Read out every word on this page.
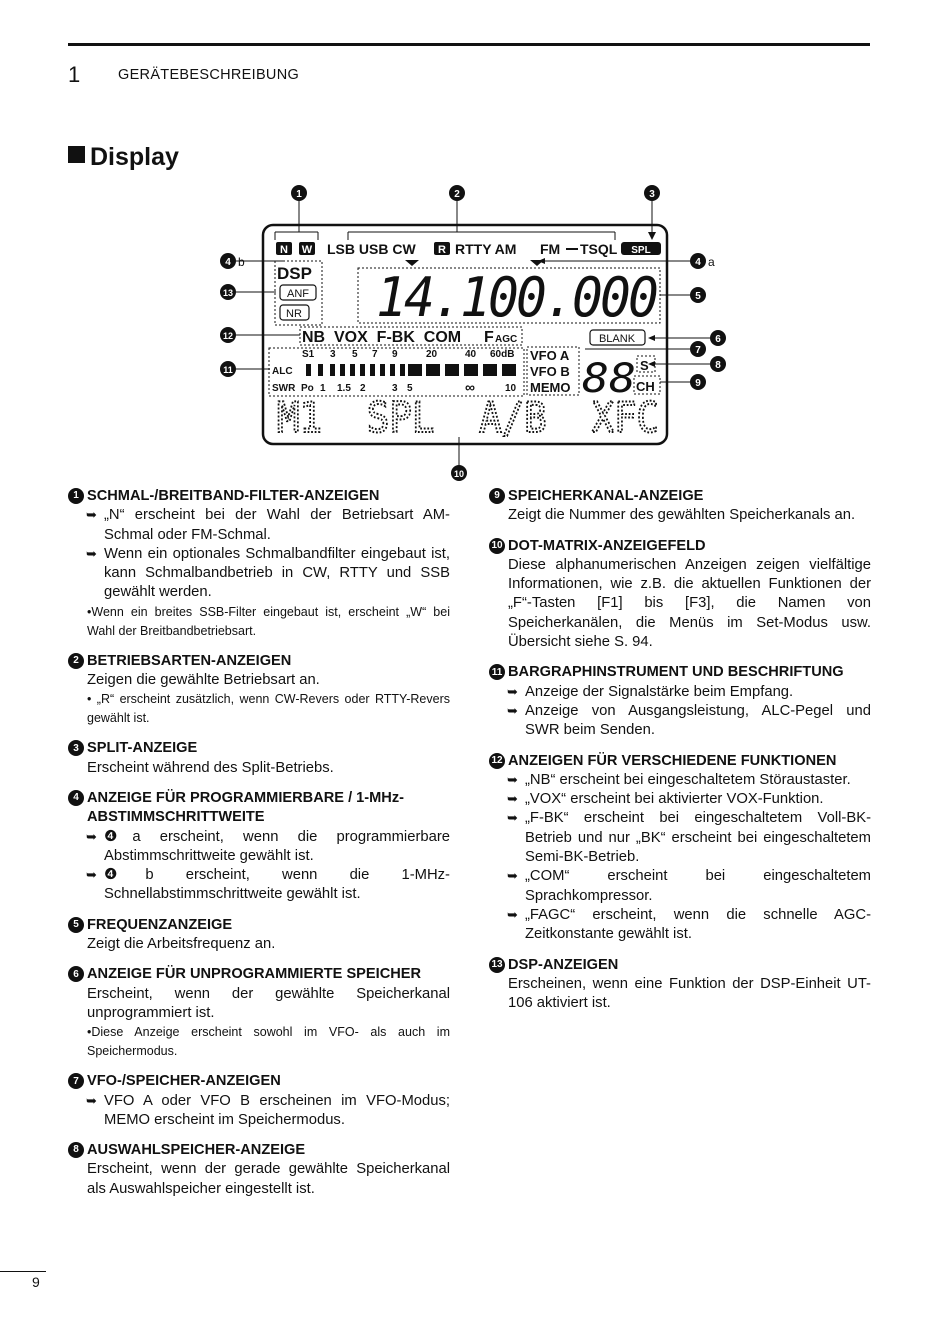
1	GERÄTEBESCHREIBUNG
Display
1	2	3
4 b	4 a
5
6
7
8
9
10
11
12
13
N W LSB USB CW R RTTY AM FM TSQL SPL
DSP
ANF
NR 14.100.000
NB  VOX  F-BK  COM F AGC	BLANK
S1 3 5 7 9	20	40 60dB
ALC
SWR Po 1 1.5 2	3 5	∞	10
VFO A
VFO B
MEMO 88 S
CH
M1  SPL  A/B  XFC
1 SCHMAL-/BREITBAND-FILTER-ANZEIGEN
➥ „N“ erscheint bei der Wahl der Betriebsart AM-Schmal oder FM-Schmal.
➥ Wenn ein optionales Schmalbandfilter eingebaut ist, kann Schmalbandbetrieb in CW, RTTY und SSB gewählt werden.
•Wenn ein breites SSB-Filter eingebaut ist, erscheint „W“ bei Wahl der Breitbandbetriebsart.
2 BETRIEBSARTEN-ANZEIGEN
Zeigen die gewählte Betriebsart an.
• „R“ erscheint zusätzlich, wenn CW-Revers oder RTTY-Revers gewählt ist.
3 SPLIT-ANZEIGE
Erscheint während des Split-Betriebs.
4 ANZEIGE FÜR PROGRAMMIERBARE / 1-MHz-ABSTIMMSCHRITTWEITE
➥ ❹a erscheint, wenn die programmierbare Abstimmschrittweite gewählt ist.
➥ ❹b erscheint, wenn die 1-MHz-Schnellabstimmschrittweite gewählt ist.
5 FREQUENZANZEIGE
Zeigt die Arbeitsfrequenz an.
6 ANZEIGE FÜR UNPROGRAMMIERTE SPEICHER
Erscheint, wenn der gewählte Speicherkanal unprogrammiert ist.
•Diese Anzeige erscheint sowohl im VFO- als auch im Speichermodus.
7 VFO-/SPEICHER-ANZEIGEN
➥ VFO A oder VFO B erscheinen im VFO-Modus; MEMO erscheint im Speichermodus.
8 AUSWAHLSPEICHER-ANZEIGE
Erscheint, wenn der gerade gewählte Speicherkanal als Auswahlspeicher eingestellt ist.
9 SPEICHERKANAL-ANZEIGE
Zeigt die Nummer des gewählten Speicherkanals an.
10 DOT-MATRIX-ANZEIGEFELD
Diese alphanumerischen Anzeigen zeigen vielfältige Informationen, wie z.B. die aktuellen Funktionen der „F“-Tasten [F1] bis [F3], die Namen von Speicherkanälen, die Menüs im Set-Modus usw. Übersicht siehe S. 94.
11 BARGRAPHINSTRUMENT UND BESCHRIFTUNG
➥ Anzeige der Signalstärke beim Empfang.
➥ Anzeige von Ausgangsleistung, ALC-Pegel und SWR beim Senden.
12 ANZEIGEN FÜR VERSCHIEDENE FUNKTIONEN
➥ „NB“ erscheint bei eingeschaltetem Störaustaster.
➥ „VOX“ erscheint bei aktivierter VOX-Funktion.
➥ „F-BK“ erscheint bei eingeschaltetem Voll-BK-Betrieb und nur „BK“ erscheint bei eingeschaltetem Semi-BK-Betrieb.
➥ „COM“ erscheint bei eingeschaltetem Sprachkompressor.
➥ „FAGC“ erscheint, wenn die schnelle AGC-Zeitkonstante gewählt ist.
13 DSP-ANZEIGEN
Erscheinen, wenn eine Funktion der DSP-Einheit UT-106 aktiviert ist.
9
